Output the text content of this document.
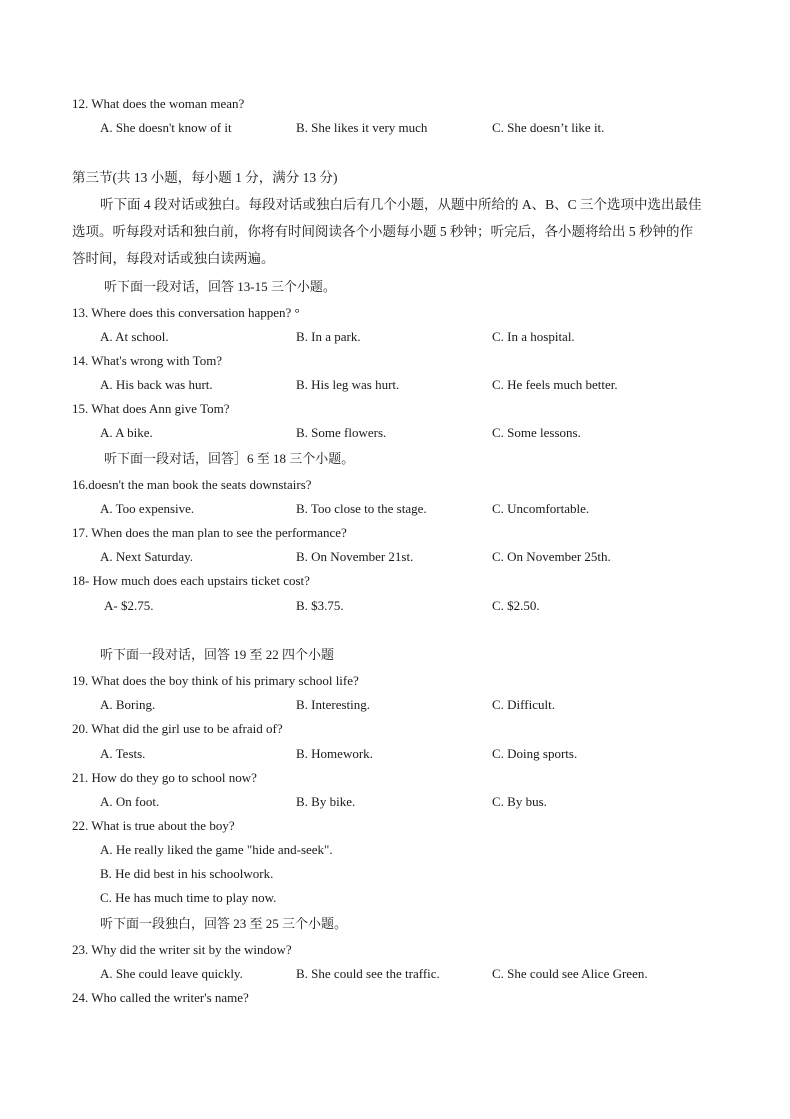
12. What does the woman mean?
A. She doesn't know of it	B. She likes it very much	C. She doesn’t like it.
第三节(共 13 小题，每小题 1 分，满分 13 分)
听下面 4 段对话或独白。每段对话或独白后有几个小题，从题中所给的 A、B、C 三个选项中选出最佳
选项。听每段对话和独白前，你将有时间阅读各个小题每小题 5 秒钟；听完后，各小题将给出 5 秒钟的作
答时间，每段对话或独白读两遍。
听下面一段对话，回答 13-15 三个小题。
13. Where does this conversation happen? °
A. At school.	B. In a park.	C. In a hospital.
14. What's wrong with Tom?
A. His back was hurt.	B. His leg was hurt.	C. He feels much better.
15. What does Ann give Tom?
A. A bike.	B. Some flowers.	C. Some lessons.
听下面一段对话，回答］6 至 18 三个小题。
16.doesn't the man book the seats downstairs?
A. Too expensive.	B. Too close to the stage.	C. Uncomfortable.
17. When does the man plan to see the performance?
A. Next Saturday.	B. On November 21st.	C. On November 25th.
18- How much does each upstairs ticket cost?
A- $2.75.	B. $3.75.	C. $2.50.
听下面一段对话，回答 19 至 22 四个小题
19. What does the boy think of his primary school life?
A. Boring.	B. Interesting.	C. Difficult.
20. What did the girl use to be afraid of?
A. Tests.	B. Homework.	C. Doing sports.
21. How do they go to school now?
A. On foot.	B. By bike.	C. By bus.
22. What is true about the boy?
A. He really liked the game "hide and-seek".
B. He did best in his schoolwork.
C. He has much time to play now.
听下面一段独白，回答 23 至 25 三个小题。
23. Why did the writer sit by the window?
A. She could leave quickly.	B. She could see the traffic.	C. She could see Alice Green.
24. Who called the writer's name?
